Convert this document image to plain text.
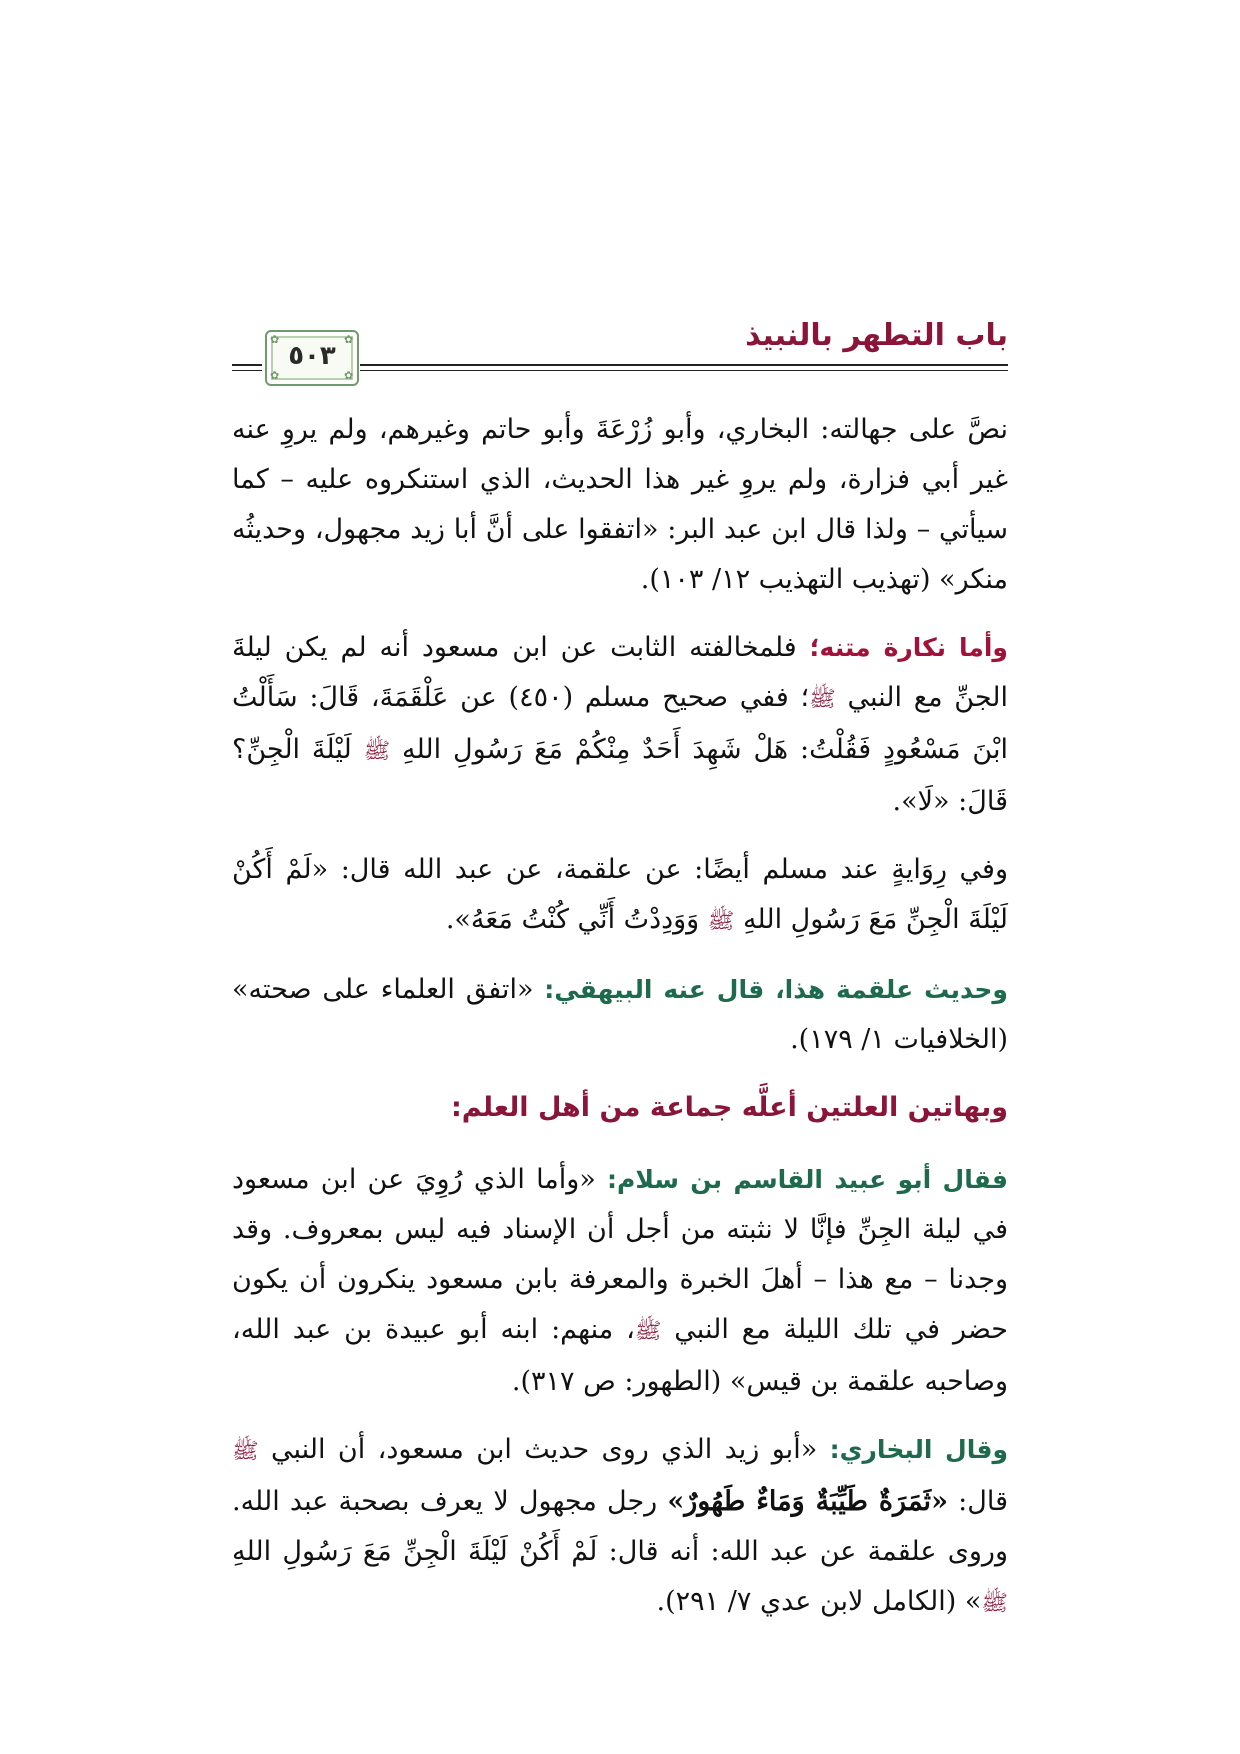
باب التطهر بالنبيذ
✿	✿
✿	✿
٥٠٣

نصَّ على جهالته: البخاري، وأبو زُرْعَةَ وأبو حاتم وغيرهم، ولم يروِ عنه غير أبي فزارة، ولم يروِ غير هذا الحديث، الذي استنكروه عليه – كما سيأتي – ولذا قال ابن عبد البر: «اتفقوا على أنَّ أبا زيد مجهول، وحديثُه منكر» (تهذيب التهذيب ١٢/ ١٠٣).

وأما نكارة متنه؛ فلمخالفته الثابت عن ابن مسعود أنه لم يكن ليلةَ الجنِّ مع النبي ﷺ؛ ففي صحيح مسلم (٤٥٠) عن عَلْقَمَةَ، قَالَ: سَأَلْتُ ابْنَ مَسْعُودٍ فَقُلْتُ: هَلْ شَهِدَ أَحَدٌ مِنْكُمْ مَعَ رَسُولِ اللهِ ﷺ لَيْلَةَ الْجِنِّ؟ قَالَ: «لَا».

وفي رِوَايةٍ عند مسلم أيضًا: عن علقمة، عن عبد الله قال: «لَمْ أَكُنْ لَيْلَةَ الْجِنِّ مَعَ رَسُولِ اللهِ ﷺ وَوَدِدْتُ أَنِّي كُنْتُ مَعَهُ».

وحديث علقمة هذا، قال عنه البيهقي: «اتفق العلماء على صحته» (الخلافيات ١/ ١٧٩).

وبهاتين العلتين أعلَّه جماعة من أهل العلم:

فقال أبو عبيد القاسم بن سلام: «وأما الذي رُوِيَ عن ابن مسعود في ليلة الجِنِّ فإنَّا لا نثبته من أجل أن الإسناد فيه ليس بمعروف. وقد وجدنا – مع هذا – أهلَ الخبرة والمعرفة بابن مسعود ينكرون أن يكون حضر في تلك الليلة مع النبي ﷺ، منهم: ابنه أبو عبيدة بن عبد الله، وصاحبه علقمة بن قيس» (الطهور: ص ٣١٧).

وقال البخاري: «أبو زيد الذي روى حديث ابن مسعود، أن النبي ﷺ قال: «ثَمَرَةٌ طَيِّبَةٌ وَمَاءٌ طَهُورٌ» رجل مجهول لا يعرف بصحبة عبد الله. وروى علقمة عن عبد الله: أنه قال: لَمْ أَكُنْ لَيْلَةَ الْجِنِّ مَعَ رَسُولِ اللهِ ﷺ» (الكامل لابن عدي ٧/ ٢٩١).
